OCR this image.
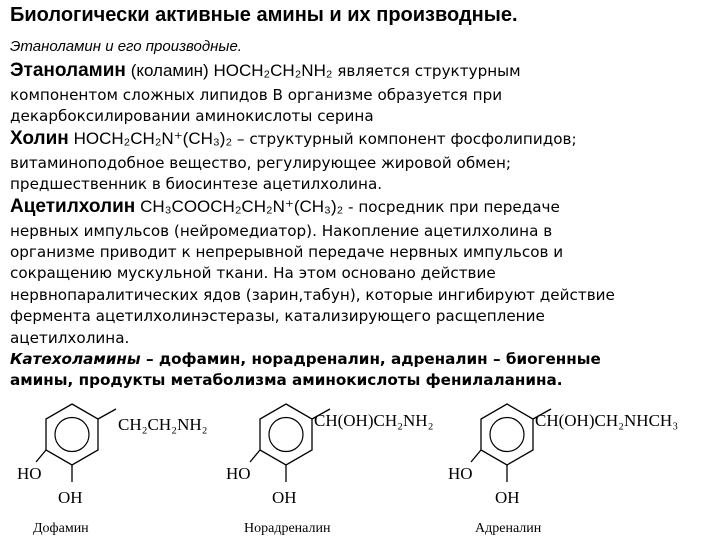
Биологически активные амины и их производные.
Этаноламин и его производные.
Этаноламин (коламин) HOCH₂CH₂NH₂ является структурным
компонентом сложных липидов В организме образуется при
декарбоксилировании аминокислоты серина
Холин HOCH₂CH₂N⁺(CH₃)₂ – структурный компонент фосфолипидов;
витаминоподобное вещество, регулирующее жировой обмен;
предшественник в биосинтезе ацетилхолина.
Ацетилхолин CH₃COOCH₂CH₂N⁺(CH₃)₂ - посредник при передаче
нервных импульсов (нейромедиатор). Накопление ацетилхолина в
организме приводит к непрерывной передаче нервных импульсов и
сокращению мускульной ткани. На этом основано действие
нервнопаралитических ядов (зарин,табун), которые ингибируют действие
фермента ацетилхолинэстеразы, катализирующего расщепление
ацетилхолина.
Катехоламины – дофамин, норадреналин, адреналин – биогенные
амины, продукты метаболизма аминокислоты фенилаланина.
CH₂CH₂NH₂
HO
OH
Дофамин
CH(OH)CH₂NH₂
HO
OH
Норадреналин
CH(OH)CH₂NHCH₃
HO
OH
Адреналин
